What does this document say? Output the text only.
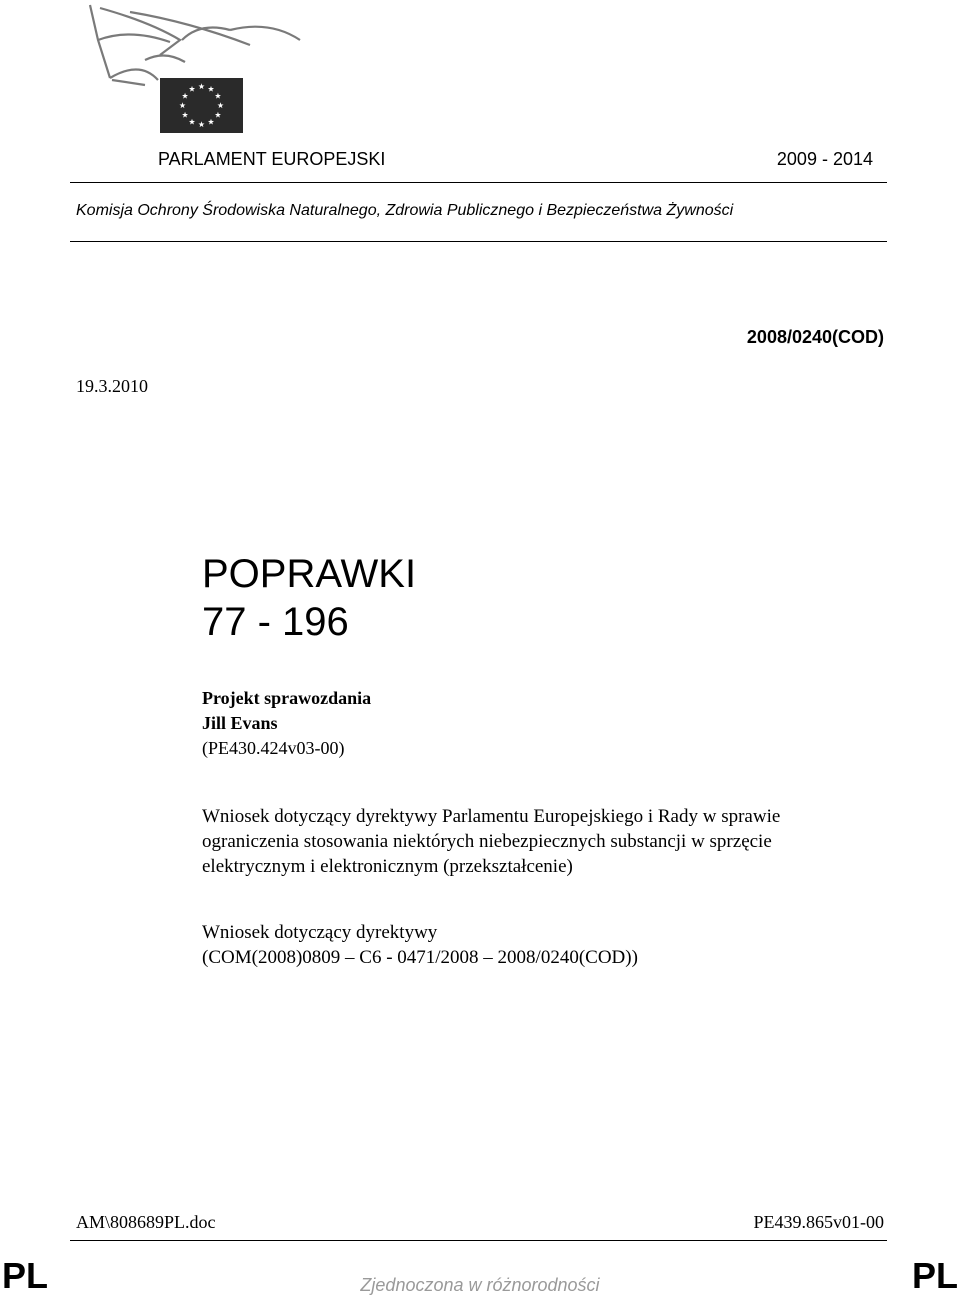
PARLAMENT EUROPEJSKI	2009 - 2014
Komisja Ochrony Środowiska Naturalnego, Zdrowia Publicznego i Bezpieczeństwa Żywności
2008/0240(COD)
19.3.2010
POPRAWKI
77 - 196
Projekt sprawozdania
Jill Evans
(PE430.424v03-00)
Wniosek dotyczący dyrektywy Parlamentu Europejskiego i Rady w sprawie
ograniczenia stosowania niektórych niebezpiecznych substancji w sprzęcie
elektrycznym i elektronicznym (przekształcenie)
Wniosek dotyczący dyrektywy
(COM(2008)0809 – C6 - 0471/2008 – 2008/0240(COD))
AM\808689PL.doc	PE439.865v01-00
PL	PL
Zjednoczona w różnorodności
